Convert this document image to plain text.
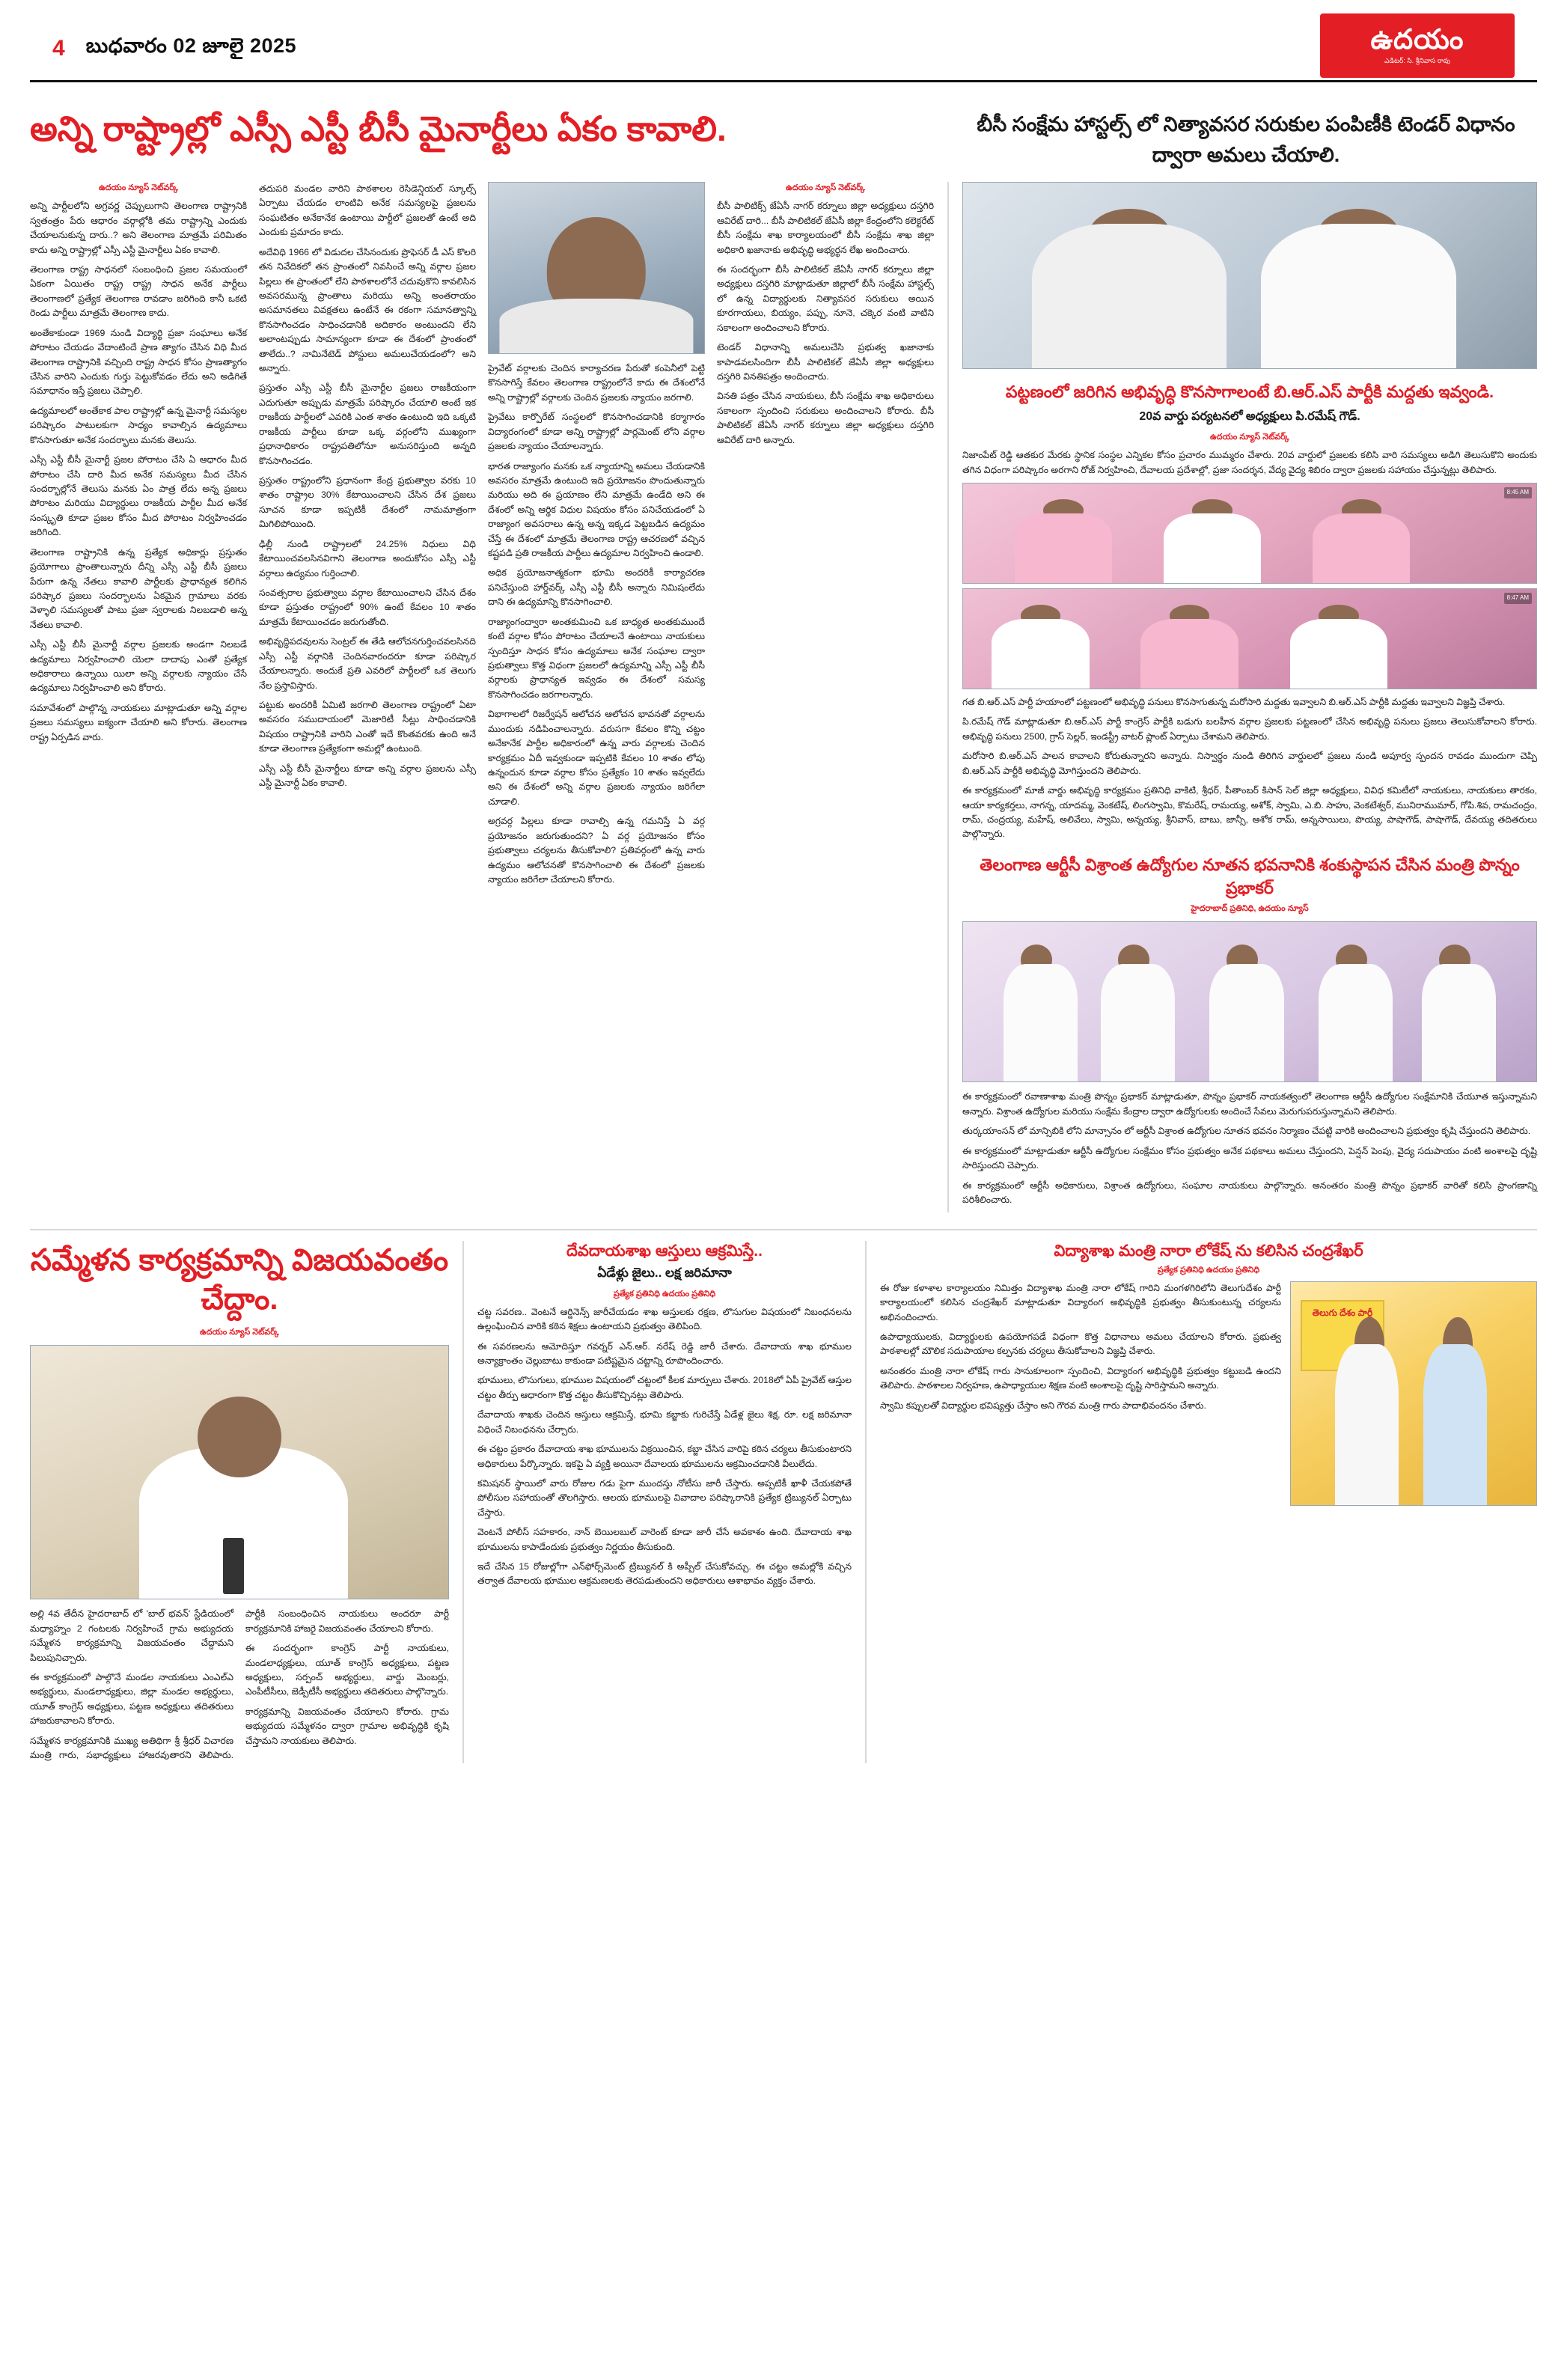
4 బుధవారం 02 జూలై 2025	ఉదయం
ఎడిటర్: సి. శ్రీనివాస రావు
అన్ని రాష్ట్రాల్లో ఎస్సీ ఎస్టీ బీసీ మైనార్టీలు ఏకం కావాలి.	బీసీ సంక్షేమ హాస్టల్స్ లో నిత్యావసర సరుకుల పంపిణీకి టెండర్ విధానం ద్వారా అమలు చేయాలి.
ఉదయం న్యూస్ నెట్‌వర్క్

అన్ని పార్టీలలోని అగ్రవర్ణ చెప్పులుగాని తెలంగాణ రాష్ట్రానికి స్వతంత్రం పేరు ఆధారం వర్గాల్లోకి తమ రాష్ట్రాన్ని ఎందుకు చేయాలనుకున్న దారు..? అని తెలంగాణ మాత్రమే పరిమితం కాదు అన్ని రాష్ట్రాల్లో ఎస్సీ ఎస్టీ మైనార్టీలు ఏకం కావాలి.

తెలంగాణ రాష్ట్ర సాధనలో సంబంధించి ప్రజల సమయంలో ఏకంగా ఏయితం రాష్ట్ర రాష్ట్ర సాధన అనేక పార్టీలు తెలంగాణలో ప్రత్యేక తెలంగాణ రావడాం జరిగింది కానీ ఒకటి రెండు పార్టీలు మాత్రమే తెలంగాణ కాదు.

అంతేకాకుండా 1969 నుండి విద్యార్థి ప్రజా సంఘాలు అనేక పోరాటం చేయడం వేదాంటిందే ప్రాణ త్యాగం చేసిన విధి మీద తెలంగాణ రాష్ట్రానికి వచ్చింది రాష్ట్ర సాధన కోసం ప్రాణత్యాగం చేసిన వారిని ఎందుకు గుర్తు పెట్టుకోవడం లేదు అని అడిగితే సమాధానం ఇస్తే ప్రజలు చెప్పాలి.

ఉద్యమాలలో అంతేకాక పాల రాష్ట్రాల్లో ఉన్న మైనార్టీ సమస్యల పరిష్కారం పాటులకుగా సాధ్యం కావాల్సిన ఉద్యమాలు కొనసాగుతూ అనేక సందర్భాలు మనకు తెలుసు.

ఎస్సీ ఎస్టీ బీసీ మైనార్టీ ప్రజల పోరాటం చేసి ఏ ఆధారం మీద పోరాటం చేసి దారి మీద అనేక సమస్యలు మీద చేసిన సందర్భాల్లోనే తెలుసు మనకు ఏం పాత్ర లేదు అన్న ప్రజలు పోరాటం మరియు విద్యార్థులు రాజకీయ పార్టీల మీద అనేక సంస్కృతి కూడా ప్రజల కోసం మీద పోరాటం నిర్వహించడం జరిగింది.

తెలంగాణ రాష్ట్రానికి ఉన్న ప్రత్యేక అధికార్లు ప్రస్తుతం ప్రయోగాలు ప్రాంతాలున్నారు దీన్ని ఎస్సీ ఎస్టీ బీసీ ప్రజలు పేరుగా ఉన్న నేతలు కావాలి పార్టీలకు ప్రాధాన్యత కలిగిన పరిష్కార ప్రజలు సందర్భాలను ఏకమైన గ్రామాలు వరకు వెళ్ళాలి సమస్యలతో పాటు ప్రజా స్వరాలకు నిలబడాలి అన్న నేతలు కావాలి.

ఎస్సీ ఎస్టీ బీసీ మైనార్టీ వర్గాల ప్రజలకు అండగా నిలబడే ఉద్యమాలు నిర్వహించాలి యెలా దాదాపు ఎంతో ప్రత్యేక అధికారాలు ఉన్నాయి యిలా అన్ని వర్గాలకు న్యాయం చేసే ఉద్యమాలు నిర్వహించాలి అని కోరారు.

సమావేశంలో పాల్గొన్న నాయకులు మాట్లాడుతూ అన్ని వర్గాల ప్రజలు సమస్యలు ఐక్యంగా చేయాలి అని కోరారు. తెలంగాణ రాష్ట్ర ఏర్పడిన వారు.

తదుపరి మండల వారిని పాఠశాలల రెసిడెన్షియల్ స్కూల్స్ ఏర్పాటు చేయడం లాంటివి అనేక సమస్యలపై ప్రజలను సంఘటితం అనేకానేక ఉంటాయి పార్టీలో ప్రజలతో ఉంటే అది ఎందుకు ప్రమాదం కాదు.

అదేవిధి 1966 లో విడుదల చేసినందుకు ప్రొఫెసర్ డీ ఎస్ కొలరి తన నివేదికలో తన ప్రాంతంలో నివసించే అన్ని వర్గాల ప్రజల పిల్లలు ఈ ప్రాంతంలో లేని పాఠశాలలోనే చదువుకొని కావలిసిన అవసరమున్న ప్రాంతాలు మరియు అన్ని అంతరాయం అసమానతలు వివక్షతలు ఉంటేనే ఈ రకంగా సమానత్వాన్ని కొనసాగించడం సాధించడానికి అదికారం అంటుందని లేని అలాంటప్పుడు సామాన్యంగా కూడా ఈ దేశంలో ప్రాంతంలో తాలేదు..? నామినేటెడ్ పోస్టులు అమలుచేయడంలో? అని అన్నారు.

ప్రస్తుతం ఎస్సీ ఎస్టీ బీసీ మైనార్టీల ప్రజలు రాజకీయంగా ఎదుగుతూ అప్పుడు మాత్రమే పరిష్కారం చేయాలి అంటే ఇక రాజకీయ పార్టీలలో ఎవరికి ఎంత శాతం ఉంటుంది ఇది ఒక్కటి రాజకీయ పార్టీలు కూడా ఒక్క వర్గంలోని ముఖ్యంగా ప్రధానాధికారం రాష్ట్రపతిలోనూ అనుసరిస్తుంది అన్నది కొనసాగించడం.

ప్రస్తుతం రాష్ట్రంలోని ప్రధానంగా కేంద్ర ప్రభుత్వాల వరకు 10 శాతం రాష్ట్రాల 30% కేటాయించాలని చేసిన దేశ ప్రజలు సూచన కూడా ఇప్పటికీ దేశంలో నామమాత్రంగా మిగిలిపోయింది.

ఢిల్లీ నుండి రాష్ట్రాలలో 24.25% నిధులు విధి కేటాయించవలసినవిగాని తెలంగాణ అందుకోసం ఎస్సీ ఎస్టీ వర్గాలు ఉద్యమం గుర్తించాలి.

సంవత్సరాల ప్రభుత్వాలు వర్గాల కేటాయించాలని చేసిన దేశం కూడా ప్రస్తుతం రాష్ట్రంలో 90% ఉంటే కేవలం 10 శాతం మాత్రమే కేటాయించడం జరుగుతోంది.

అభివృద్ధిపదవులను సెంట్రల్ ఈ తేడి ఆలోచనగుర్తించవలసినది ఎస్సీ ఎస్టీ వర్గానికి చెందినవారందరూ కూడా పరిష్కార చేయాలన్నారు. అందుకే ప్రతి ఎవరిలో పార్టీలలో ఒక తెలుగు నేల ప్రస్తావిస్తారు.

పట్టుకు అందరికీ ఏమిటి జరగాలి తెలంగాణ రాష్ట్రంలో ఏటా అవసరం సముదాయంలో మెజారిటీ సీట్లు సాధించడానికి విషయం రాష్ట్రానికి వారిని ఎంతో ఇదే కొంతవరకు ఉంది అనే కూడా తెలంగాణ ప్రత్యేకంగా అమల్లో ఉంటుంది.

ఎస్సీ ఎస్టీ బీసీ మైనార్టీలు కూడా అన్ని వర్గాల ప్రజలను ఎస్సీ ఎస్టీ మైనార్టీ ఏకం కావాలి.

ప్రైవేట్ వర్గాలకు చెందిన కార్యాచరణ పేరుతో కంపెనీలో పెట్టి కొనసాగిస్తే కేవలం తెలంగాణ రాష్ట్రంలోనే కాదు ఈ దేశంలోనే అన్ని రాష్ట్రాల్లో వర్గాలకు చెందిన ప్రజలకు న్యాయం జరగాలి.

ప్రైవేటు కార్పొరేట్ సంస్థలలో కొనసాగించడానికి కర్మాగారం విద్యారంగంలో కూడా అన్ని రాష్ట్రాల్లో పార్లమెంట్ లోని వర్గాల ప్రజలకు న్యాయం చేయాలన్నారు.

భారత రాజ్యాంగం మనకు ఒక న్యాయాన్ని అమలు చేయడానికి అవసరం మాత్రమే ఉంటుంది ఇది ప్రయోజనం పొందుతున్నారు మరియు అది ఈ ప్రయాణం లేని మాత్రమే ఉండేది అని ఈ దేశంలో అన్ని ఆర్థిక విధుల విషయం కోసం పనిచేయడంలో ఏ రాజ్యాంగ అవసరాలు ఉన్న అన్న ఇక్కడ పెట్టబడిన ఉద్యమం చేస్తే ఈ దేశంలో మాత్రమే తెలంగాణ రాష్ట్ర ఆచరణలో వచ్చిన కష్టపడి ప్రతి రాజకీయ పార్టీలు ఉద్యమాల నిర్వహించి ఉండాలి.

అధిక ప్రయోజనాత్మకంగా భూమి అందరికీ కార్యాచరణ పనిచేస్తుంది హార్డ్‌వర్క్ ఎస్సీ ఎస్టీ బీసీ అన్నారు నిమిషంలేదు దాని ఈ ఉద్యమాన్ని కొనసాగించాలి.

రాజ్యాంగంద్వారా అంతకుమించి ఒక బాధ్యత అంతకుముందే కంటే వర్గాల కోసం పోరాటం చేయాలనే ఉంటాయి నాయకులు స్పందిస్తూ సాధన కోసం ఉద్యమాలు అనేక సంఘాల ద్వారా ప్రభుత్వాలు కొత్త విధంగా ప్రజలలో ఉద్యమాన్ని ఎస్సీ ఎస్టీ బీసీ వర్గాలకు ప్రాధాన్యత ఇవ్వడం ఈ దేశంలో సమస్య కొనసాగించడం జరగాలన్నారు.

విభాగాలలో రిజర్వేషన్ ఆలోచన ఆలోచన భావనతో వర్గాలను ముందుకు నడిపించాలన్నారు. వరుసగా కేవలం కొన్ని చట్టం అనేకానేక పార్టీల అధికారంలో ఉన్న వారు వర్గాలకు చెందిన కార్యక్రమం ఏదీ ఇవ్వకుండా ఇప్పటికి కేవలం 10 శాతం లోపు ఉన్నందున కూడా వర్గాల కోసం ప్రత్యేకం 10 శాతం ఇవ్వలేదు అని ఈ దేశంలో అన్ని వర్గాల ప్రజలకు న్యాయం జరిగేలా చూడాలి.

అగ్రవర్గ పిల్లలు కూడా రావాల్సి ఉన్న గమనిస్తే ఏ వర్గ ప్రయోజనం జరుగుతుందని? ఏ వర్గ ప్రయోజనం కోసం ప్రభుత్వాలు చర్యలను తీసుకోవాలి? ప్రతివర్గంలో ఉన్న వారు ఉద్యమం ఆలోచనతో కొనసాగించాలి ఈ దేశంలో ప్రజలకు న్యాయం జరిగేలా చేయాలని కోరారు.

ఉదయం న్యూస్ నెట్‌వర్క్

బీసీ పాలిటిక్స్ జేఏసీ నాగర్ కర్నూలు జిల్లా అధ్యక్షులు దస్తగిరి ఆవిరేట్ దారి... బీసీ పాలిటికల్ జేఏసీ జిల్లా కేంద్రంలోని కలెక్టరేట్ బీసీ సంక్షేమ శాఖ కార్యాలయంలో బీసీ సంక్షేమ శాఖ జిల్లా అధికారి ఖజానాకు అభివృద్ధి అభ్యర్థన లేఖ అందించారు.

ఈ సందర్భంగా బీసీ పాలిటికల్ జేఏసీ నాగర్ కర్నూలు జిల్లా అధ్యక్షులు దస్తగిరి మాట్లాడుతూ జిల్లాలో బీసీ సంక్షేమ హాస్టల్స్ లో ఉన్న విద్యార్థులకు నిత్యావసర సరుకులు అయిన కూరగాయలు, బియ్యం, పప్పు, నూనె, చక్కెర వంటి వాటిని సకాలంగా అందించాలని కోరారు.

టెండర్ విధానాన్ని అమలుచేసి ప్రభుత్వ ఖజానాకు కాపాడవలసిందిగా బీసీ పాలిటికల్ జేఏసీ జిల్లా అధ్యక్షులు దస్తగిరి వినతిపత్రం అందించారు.

వినతి పత్రం చేసిన నాయకులు, బీసీ సంక్షేమ శాఖ అధికారులు సకాలంగా స్పందించి సరుకులు అందించాలని కోరారు. బీసీ పాలిటికల్ జేఏసీ నాగర్ కర్నూలు జిల్లా అధ్యక్షులు దస్తగిరి ఆవిరేట్ దారి అన్నారు.

పట్టణంలో జరిగిన అభివృద్ధి కొనసాగాలంటే బి.ఆర్.ఎస్ పార్టీకి మద్దతు ఇవ్వండి.
20వ వార్డు పర్యటనలో అధ్యక్షులు పి.రమేష్ గౌడ్.
ఉదయం న్యూస్ నెట్‌వర్క్

నిజాంపేట్ రెడ్డి ఆతకుర మేరకు స్థానిక సంస్థల ఎన్నికల కోసం ప్రచారం ముమ్మరం చేశారు. 20వ వార్డులో ప్రజలకు కలిసి వారి సమస్యలు అడిగి తెలుసుకొని అందుకు తగిన విధంగా పరిష్కారం అరగాని రోజ్ నిర్వహించి, దేవాలయ ప్రదేశాల్లో, ప్రజా సందర్శన, వేద్య వైద్య శిబిరం ద్వారా ప్రజలకు సహాయం చేస్తున్నట్లు తెలిపారు.

8:45 AM
8:47 AM

గత బి.ఆర్.ఎస్ పార్టీ హయాంలో పట్టణంలో అభివృద్ధి పనులు కొనసాగుతున్న మరోసారి మద్దతు ఇవ్వాలని బి.ఆర్.ఎస్ పార్టీకి మద్దతు ఇవ్వాలని విజ్ఞప్తి చేశారు.

పి.రమేష్ గౌడ్ మాట్లాడుతూ బి.ఆర్.ఎస్ పార్టీ కాంగ్రెస్ పార్టీకి బడుగు బలహీన వర్గాల ప్రజలకు పట్టణంలో చేసిన అభివృద్ధి పనులు ప్రజలు తెలుసుకోవాలని కోరారు. అభివృద్ధి పనులు 2500, గ్రాస్ సెల్లర్, ఇండస్ట్రీ వాటర్ ప్లాంట్ ఏర్పాటు చేశామని తెలిపారు.

మరోసారి బి.ఆర్.ఎస్ పాలన కావాలని కోరుతున్నారని అన్నారు. నిస్వార్థం నుండి తిరిగిన వార్డులలో ప్రజలు నుండి అపూర్వ స్పందన రావడం ముందుగా చెప్పి బి.ఆర్.ఎస్ పార్టీకి అభివృద్ధి మోగిస్తుందని తెలిపారు.

ఈ కార్యక్రమంలో మాజీ వార్డు అభివృద్ధి కార్యక్రమం ప్రతినిధి వాకిటి, శ్రీధర్, పీతాంబర్ కిసాన్ సెల్ జిల్లా అధ్యక్షులు, వివిధ కమిటీలో నాయకులు, నాయకులు తారకం, ఆయా కార్యకర్తలు, నాగన్న, యాదమ్మ, వెంకటేష్, లింగస్వామి, కొమరేష్, రామయ్య, అశోక్, స్వామి, ఎ.బి. సాహు, వెంకటేశ్వర్, మునిరాముమార్, గోపి.శివ, రామచంద్రం, రామ్, చంద్రయ్య, మహేష్, అలివేలు, స్వామి, అన్నయ్య, శ్రీనివాస్, బాబు, జాన్సీ, ఆశోక రామ్, అన్నసాయిలు, పొయ్య, పాషాగౌడ్, పాషాగౌడ్, దేవయ్య తదితరులు పాల్గొన్నారు.

తెలంగాణ ఆర్టీసీ విశ్రాంత ఉద్యోగుల నూతన భవనానికి శంకుస్థాపన చేసిన మంత్రి పొన్నం ప్రభాకర్
హైదరాబాద్ ప్రతినిధి, ఉదయం న్యూస్

ఈ కార్యక్రమంలో రవాణాశాఖ మంత్రి పొన్నం ప్రభాకర్ మాట్లాడుతూ, పొన్నం ప్రభాకర్ నాయకత్వంలో తెలంగాణ ఆర్టీసీ ఉద్యోగుల సంక్షేమానికి చేయూత ఇస్తున్నామని అన్నారు. విశ్రాంత ఉద్యోగుల మరియు సంక్షేమ కేంద్రాల ద్వారా ఉద్యోగులకు అందించే సేవలు మెరుగుపరుస్తున్నామని తెలిపారు.

తుర్కయాంసన్ లో మాన్సిబికి లోని మాన్సానం లో ఆర్టీసీ విశ్రాంత ఉద్యోగుల నూతన భవనం నిర్మాణం చేపట్టి వారికి అందించాలని ప్రభుత్వం కృషి చేస్తుందని తెలిపారు.

ఈ కార్యక్రమంలో మాట్లాడుతూ ఆర్టీసీ ఉద్యోగుల సంక్షేమం కోసం ప్రభుత్వం అనేక పథకాలు అమలు చేస్తుందని, పెన్షన్ పెంపు, వైద్య సదుపాయం వంటి అంశాలపై దృష్టి సారిస్తుందని చెప్పారు.

ఈ కార్యక్రమంలో ఆర్టీసీ అధికారులు, విశ్రాంత ఉద్యోగులు, సంఘాల నాయకులు పాల్గొన్నారు. అనంతరం మంత్రి పొన్నం ప్రభాకర్ వారితో కలిసి ప్రాంగణాన్ని పరిశీలించారు.

సమ్మేళన కార్యక్రమాన్ని విజయవంతం చేద్దాం.
ఉదయం న్యూస్ నెట్‌వర్క్

అల్లి 4వ తేదీన హైదరాబాద్ లో 'బాల్ భవన్' స్టేడియంలో మధ్యాహ్నం 2 గంటలకు నిర్వహించే గ్రామ అభ్యుదయ సమ్మేళన కార్యక్రమాన్ని విజయవంతం చేద్దామని పిలుపునిచ్చారు.

ఈ కార్యక్రమంలో పాల్గొనే మండల నాయకులు ఎంఎల్ఎ అభ్యర్థులు, మండలాధ్యక్షులు, జిల్లా మండల అభ్యర్థులు, యూత్ కాంగ్రెస్ అధ్యక్షులు, పట్టణ అధ్యక్షులు తదితరులు హాజరుకావాలని కోరారు.

సమ్మేళన కార్యక్రమానికి ముఖ్య అతిథిగా శ్రీ శ్రీధర్ విచారణ మంత్రి గారు, సభాధ్యక్షులు హాజరవుతారని తెలిపారు. పార్టీకి సంబంధించిన నాయకులు అందరూ పార్టీ కార్యక్రమానికి హాజరై విజయవంతం చేయాలని కోరారు.

ఈ సందర్భంగా కాంగ్రెస్ పార్టీ నాయకులు, మండలాధ్యక్షులు, యూత్ కాంగ్రెస్ అధ్యక్షులు, పట్టణ అధ్యక్షులు, సర్పంచ్ అభ్యర్థులు, వార్డు మెంబర్లు, ఎంపీటీసీలు, జెడ్పీటీసీ అభ్యర్థులు తదితరులు పాల్గొన్నారు.

కార్యక్రమాన్ని విజయవంతం చేయాలని కోరారు. గ్రామ అభ్యుదయ సమ్మేళనం ద్వారా గ్రామాల అభివృద్ధికి కృషి చేస్తామని నాయకులు తెలిపారు.

దేవదాయశాఖ ఆస్తులు ఆక్రమిస్తే..
ఏడేళ్లు జైలు.. లక్ష జరిమానా
ప్రత్యేక ప్రతినిధి ఉదయం ప్రతినిధి

చట్ట సవరణ.. వెంటనే ఆర్డినెన్స్ జారీచేయడం శాఖ అస్తులకు రక్షణ, లొసుగుల విషయంలో నిబంధనలను ఉల్లంఘించిన వారికి కఠిన శిక్షలు ఉంటాయని ప్రభుత్వం తెలిపింది.

ఈ సవరణలను ఆమోదిస్తూ గవర్నర్ ఎన్.ఆర్. నరేష్ రెడ్డి జారీ చేశారు. దేవాదాయ శాఖ భూముల అన్యాక్రాంతం చెల్లుబాటు కాకుండా పటిష్టమైన చట్టాన్ని రూపొందించారు.

భూములు, లొసుగులు, భూముల విషయంలో చట్టంలో కీలక మార్పులు చేశారు. 2018లో ఏపీ ప్రైవేట్ ఆస్తుల చట్టం తీర్పు ఆధారంగా కొత్త చట్టం తీసుకొచ్చినట్లు తెలిపారు.

దేవాదాయ శాఖకు చెందిన ఆస్తులు ఆక్రమిస్తే, భూమి కబ్జాకు గురిచేస్తే ఏడేళ్ల జైలు శిక్ష, రూ. లక్ష జరిమానా విధించే నిబంధనను చేర్చారు.

ఈ చట్టం ప్రకారం దేవాదాయ శాఖ భూములను విక్రయించిన, కబ్జా చేసిన వారిపై కఠిన చర్యలు తీసుకుంటారని అధికారులు పేర్కొన్నారు. ఇకపై ఏ వ్యక్తి అయినా దేవాలయ భూములను ఆక్రమించడానికి వీలులేదు.

కమిషనర్ స్థాయిలో వారు రోజుల గడు పైగా ముందస్తు నోటీసు జారీ చేస్తారు. అప్పటికీ ఖాళీ చేయకపోతే పోలీసుల సహాయంతో తొలగిస్తారు. ఆలయ భూములపై వివాదాల పరిష్కారానికి ప్రత్యేక ట్రిబ్యునల్ ఏర్పాటు చేస్తారు.

వెంటనే పోలీస్ సహకారం, నాన్ బెయిలబుల్ వారెంట్ కూడా జారీ చేసే అవకాశం ఉంది. దేవాదాయ శాఖ భూములను కాపాడేందుకు ప్రభుత్వం నిర్ణయం తీసుకుంది.

ఇదే చేసిన 15 రోజుల్లోగా ఎన్‌ఫోర్స్‌మెంట్ ట్రిబ్యునల్ కి అప్పీల్ చేసుకోవచ్చు. ఈ చట్టం అమల్లోకి వచ్చిన తర్వాత దేవాలయ భూముల ఆక్రమణలకు తెరపడుతుందని అధికారులు ఆశాభావం వ్యక్తం చేశారు.

విద్యాశాఖ మంత్రి నారా లోకేష్ ను కలిసిన చంద్రశేఖర్
ప్రత్యేక ప్రతినిధి ఉదయం ప్రతినిధి

ఈ రోజు కళాశాల కార్యాలయం నిమిత్తం విద్యాశాఖ మంత్రి నారా లోకేష్ గారిని మంగళగిరిలోని తెలుగుదేశం పార్టీ కార్యాలయంలో కలిసిన చంద్రశేఖర్ మాట్లాడుతూ విద్యారంగ అభివృద్ధికి ప్రభుత్వం తీసుకుంటున్న చర్యలను అభినందించారు.

ఉపాధ్యాయులకు, విద్యార్థులకు ఉపయోగపడే విధంగా కొత్త విధానాలు అమలు చేయాలని కోరారు. ప్రభుత్వ పాఠశాలల్లో మౌలిక సదుపాయాల కల్పనకు చర్యలు తీసుకోవాలని విజ్ఞప్తి చేశారు.

అనంతరం మంత్రి నారా లోకేష్ గారు సానుకూలంగా స్పందించి, విద్యారంగ అభివృద్ధికి ప్రభుత్వం కట్టుబడి ఉందని తెలిపారు. పాఠశాలల నిర్వహణ, ఉపాధ్యాయుల శిక్షణ వంటి అంశాలపై దృష్టి సారిస్తామని అన్నారు.

స్వామి కప్పులతో విద్యార్థుల భవిష్యత్తు చేస్తాం అని గౌరవ మంత్రి గారు పాదాభివందనం చేశారు.

తెలుగు దేశం పార్టీ
